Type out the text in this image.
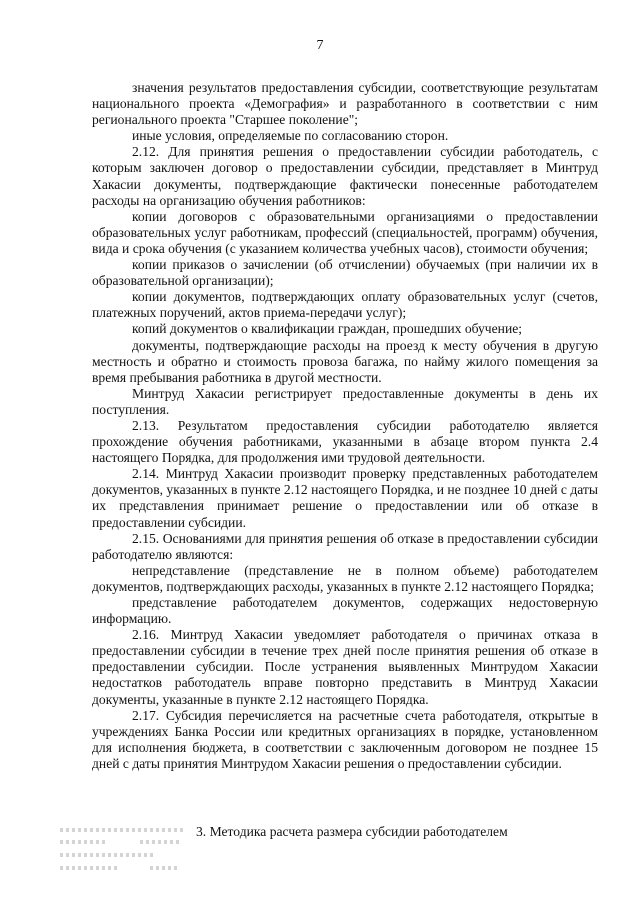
7

значения результатов предоставления субсидии, соответствующие результатам национального проекта «Демография» и разработанного в соответствии с ним регионального проекта "Старшее поколение";

иные условия, определяемые по согласованию сторон.

2.12. Для принятия решения о предоставлении субсидии работодатель, с которым заключен договор о предоставлении субсидии, представляет в Минтруд Хакасии документы, подтверждающие фактически понесенные работодателем расходы на организацию обучения работников:

копии договоров с образовательными организациями о предоставлении образовательных услуг работникам, профессий (специальностей, программ) обучения, вида и срока обучения (с указанием количества учебных часов), стоимости обучения;

копии приказов о зачислении (об отчислении) обучаемых (при наличии их в образовательной организации);

копии документов, подтверждающих оплату образовательных услуг (счетов, платежных поручений, актов приема-передачи услуг);

копий документов о квалификации граждан, прошедших обучение;

документы, подтверждающие расходы на проезд к месту обучения в другую местность и обратно и стоимость провоза багажа, по найму жилого помещения за время пребывания работника в другой местности.

Минтруд Хакасии регистрирует предоставленные документы в день их поступления.

2.13. Результатом предоставления субсидии работодателю является прохождение обучения работниками, указанными в абзаце втором пункта 2.4 настоящего Порядка, для продолжения ими трудовой деятельности.

2.14. Минтруд Хакасии производит проверку представленных работодателем документов, указанных в пункте 2.12 настоящего Порядка, и не позднее 10 дней с даты их представления принимает решение о предоставлении или об отказе в предоставлении субсидии.

2.15. Основаниями для принятия решения об отказе в предоставлении субсидии работодателю являются:

непредставление (представление не в полном объеме) работодателем документов, подтверждающих расходы, указанных в пункте 2.12 настоящего Порядка;

представление работодателем документов, содержащих недостоверную информацию.

2.16. Минтруд Хакасии уведомляет работодателя о причинах отказа в предоставлении субсидии в течение трех дней после принятия решения об отказе в предоставлении субсидии. После устранения выявленных Минтрудом Хакасии недостатков работодатель вправе повторно представить в Минтруд Хакасии документы, указанные в пункте 2.12 настоящего Порядка.

2.17. Субсидия перечисляется на расчетные счета работодателя, открытые в учреждениях Банка России или кредитных организациях в порядке, установленном для исполнения бюджета, в соответствии с заключенным договором не позднее 15 дней с даты принятия Минтрудом Хакасии решения о предоставлении субсидии.

3. Методика расчета размера субсидии работодателем
